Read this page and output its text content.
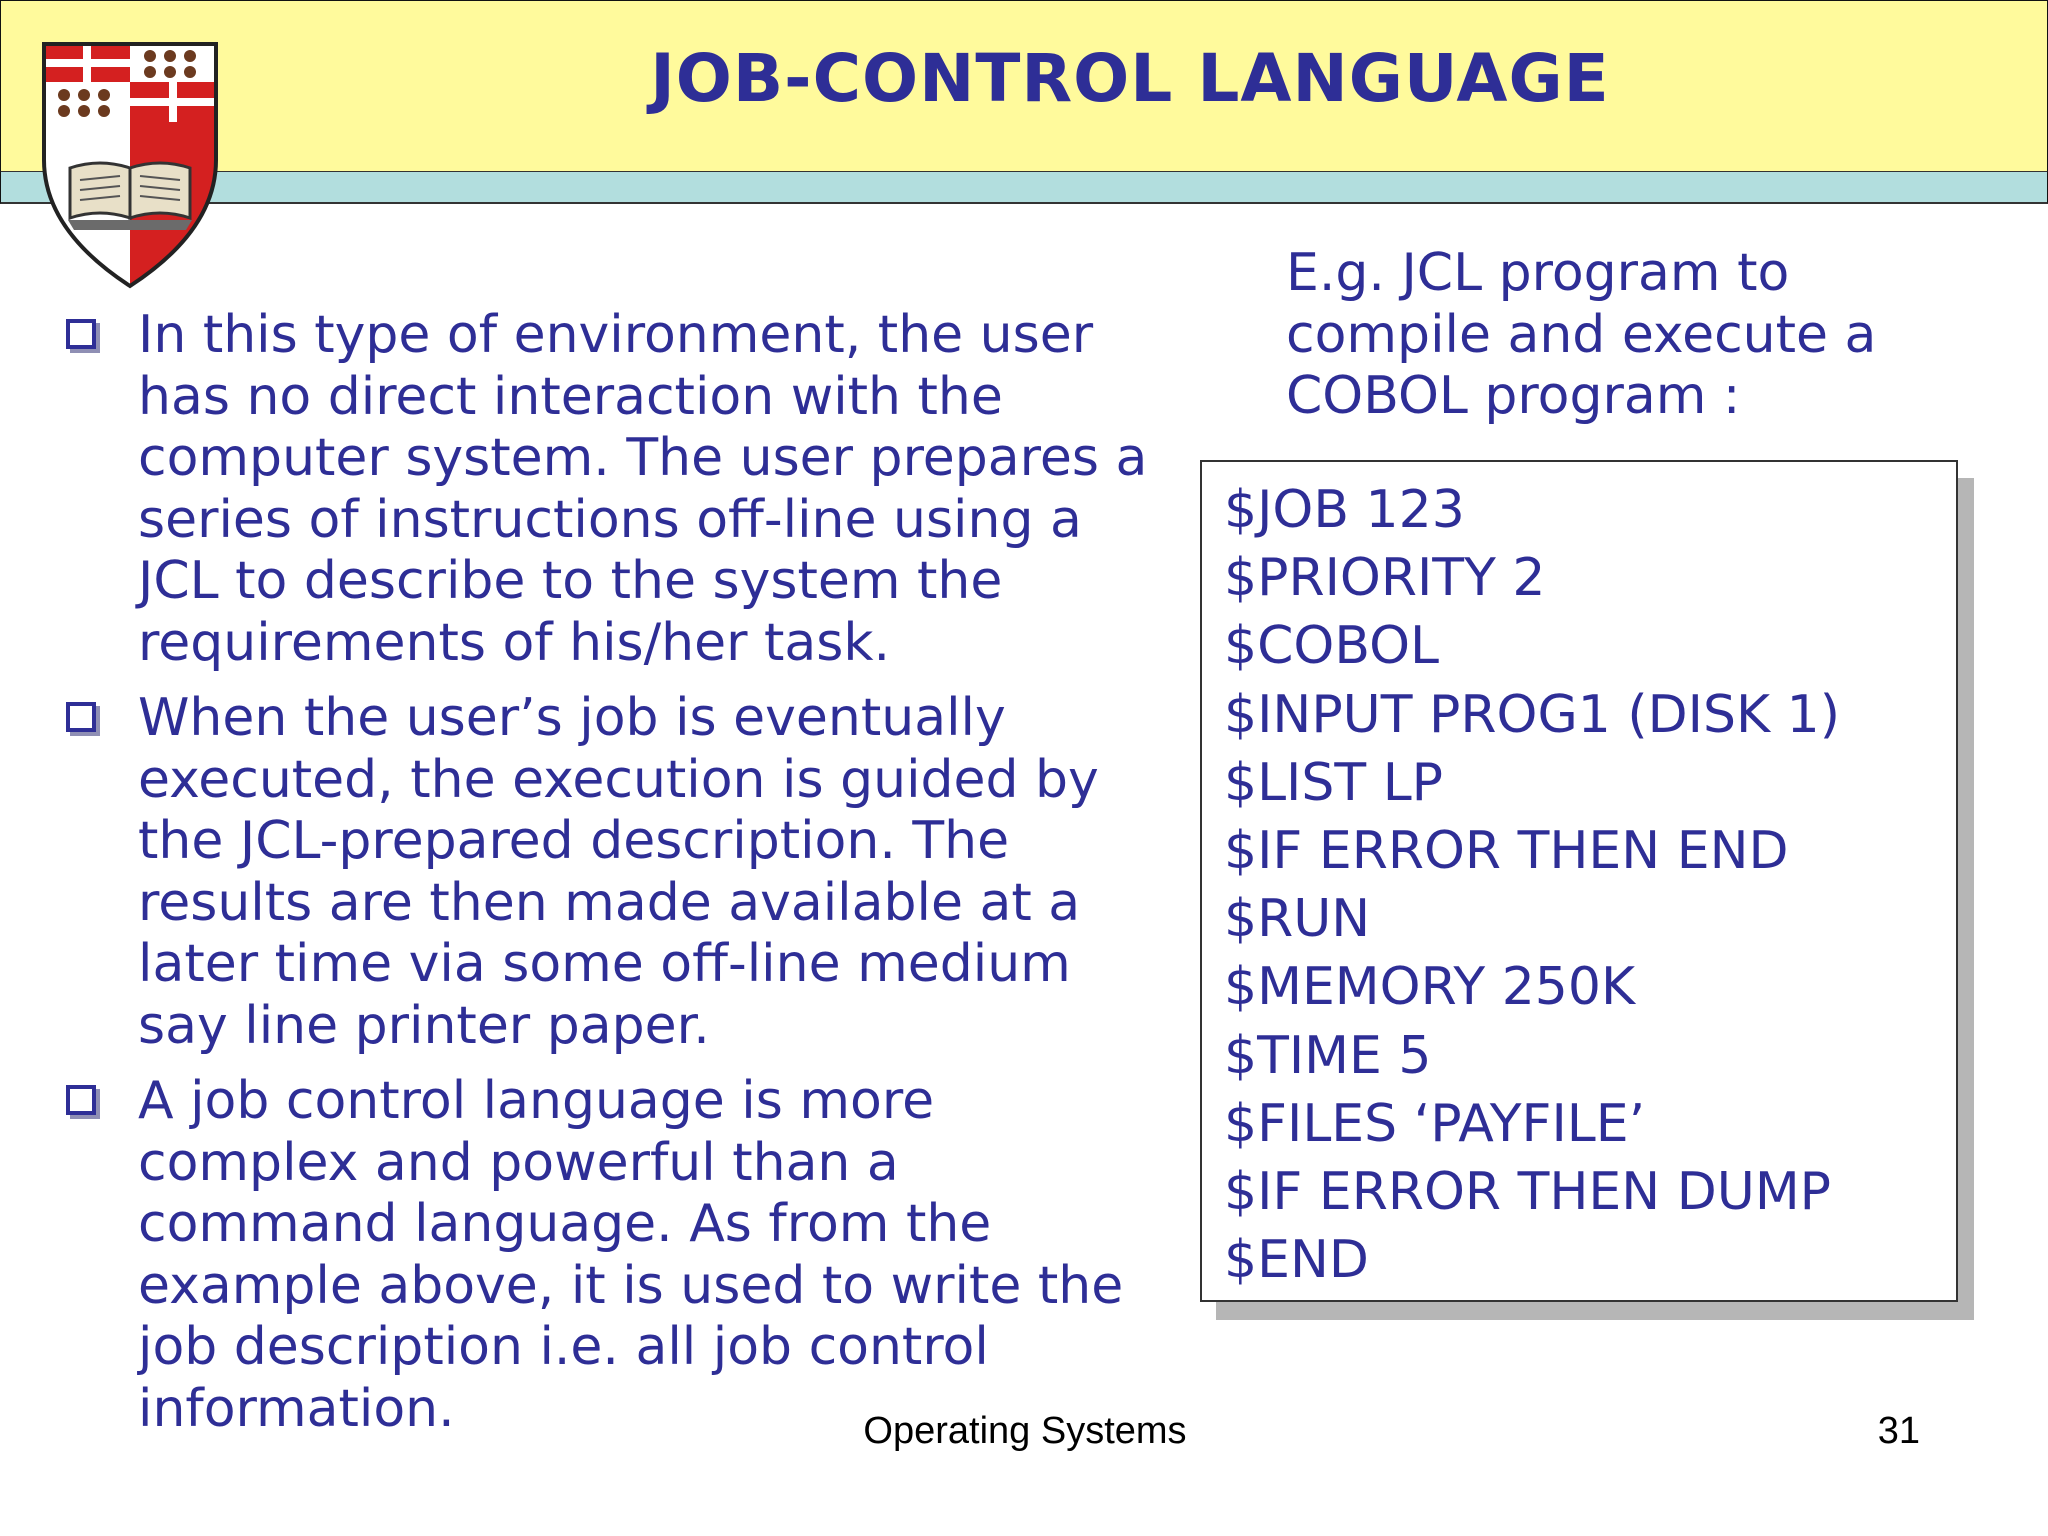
JOB-CONTROL LANGUAGE
In this type of environment, the user has no direct interaction with the computer system. The user prepares a series of instructions off-line using a JCL to describe to the system the requirements of his/her task.
When the user’s job is eventually executed, the execution is guided by the JCL-prepared description. The results are then made available at a later time via some off-line medium say line printer paper.
A job control language is more complex and powerful than a command language. As from the example above, it is used to write the job description i.e. all job control information.

E.g. JCL program to compile and execute a COBOL program :

$JOB 123
$PRIORITY 2
$COBOL
$INPUT PROG1 (DISK 1)
$LIST LP
$IF ERROR THEN END
$RUN
$MEMORY 250K
$TIME 5
$FILES ‘PAYFILE’
$IF ERROR THEN DUMP
$END
Operating Systems	31
